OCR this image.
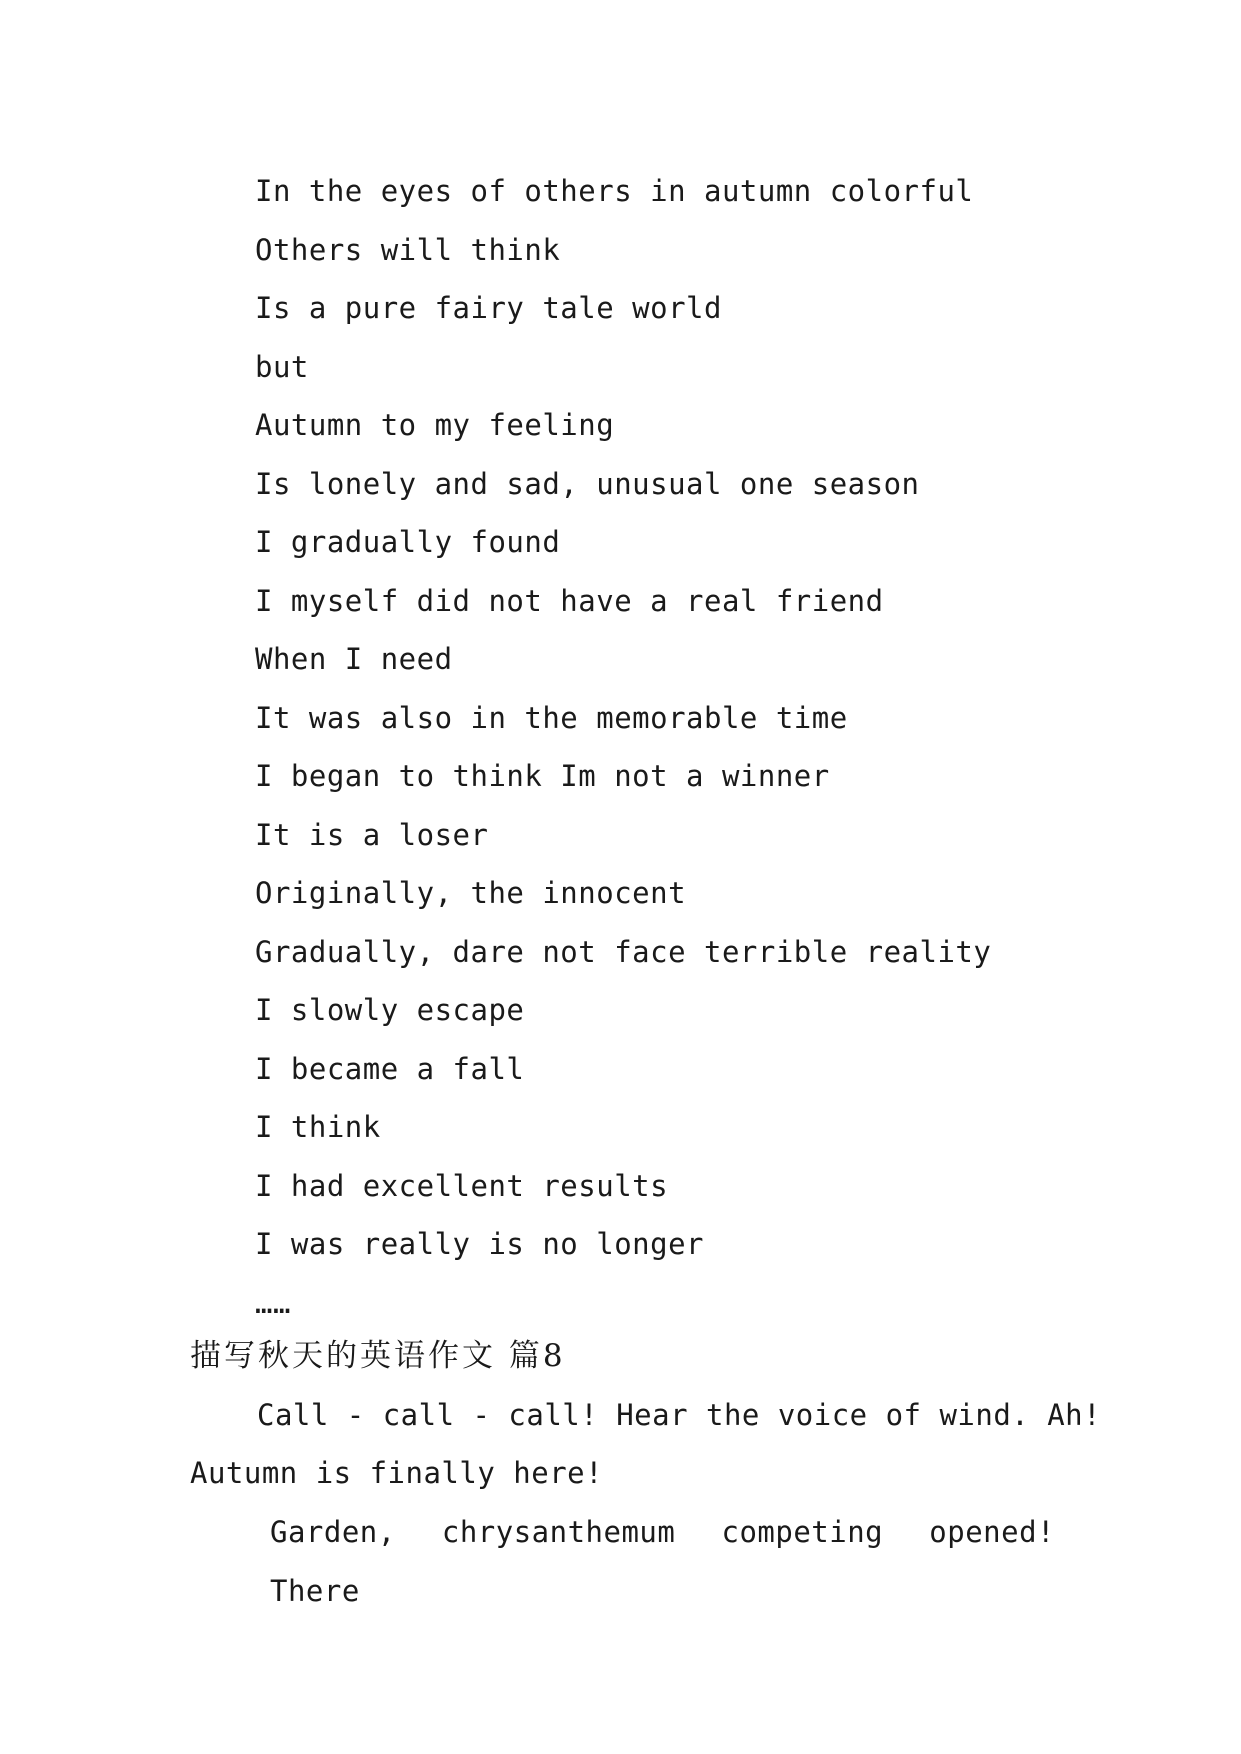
In the eyes of others in autumn colorful
Others will think
Is a pure fairy tale world
but
Autumn to my feeling
Is lonely and sad, unusual one season
I gradually found
I myself did not have a real friend
When I need
It was also in the memorable time
I began to think Im not a winner
It is a loser
Originally, the innocent
Gradually, dare not face terrible reality
I slowly escape
I became a fall
I think
I had excellent results
I was really is no longer
……
描写秋天的英语作文 篇8
Call - call - call! Hear the voice of wind. Ah!
Autumn is finally here!
Garden, chrysanthemum competing opened! There
